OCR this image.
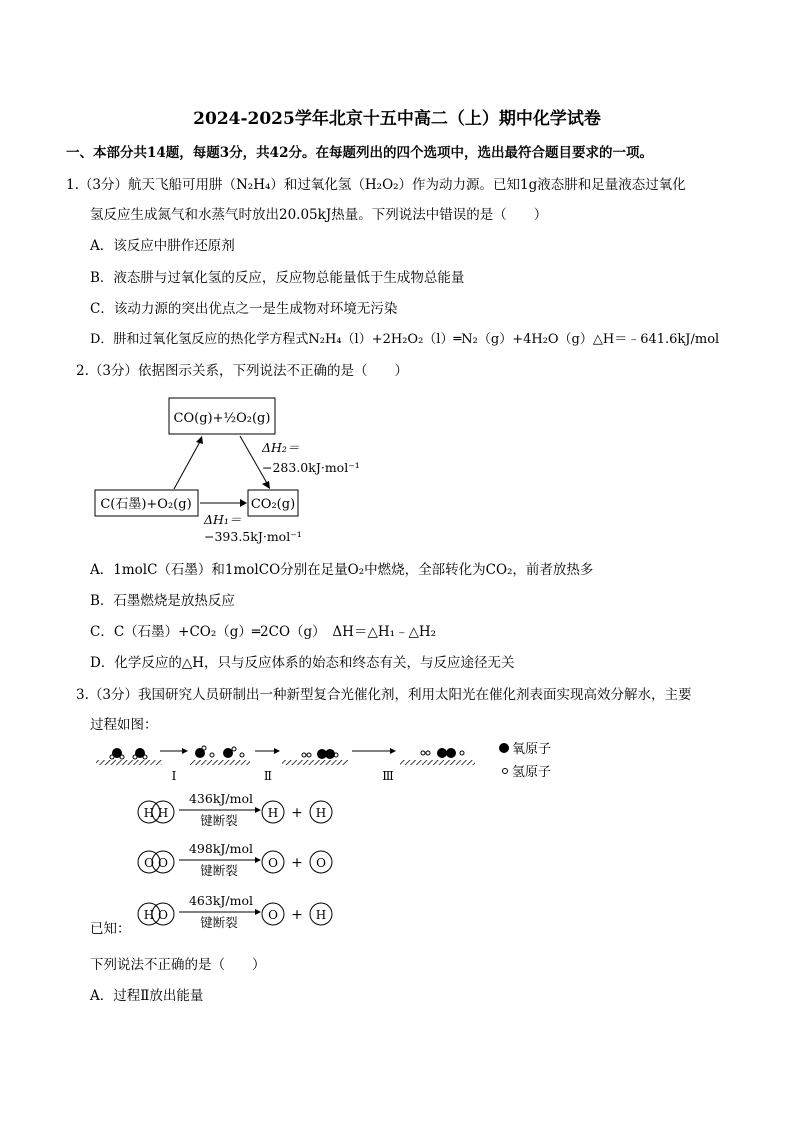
2024-2025学年北京十五中高二（上）期中化学试卷
一、本部分共14题，每题3分，共42分。在每题列出的四个选项中，选出最符合题目要求的一项。
1.（3分）航天飞船可用肼（N₂H₄）和过氧化氢（H₂O₂）作为动力源。已知1g液态肼和足量液态过氧化
氢反应生成氮气和水蒸气时放出20.05kJ热量。下列说法中错误的是（　　）
A．该反应中肼作还原剂
B．液态肼与过氧化氢的反应，反应物总能量低于生成物总能量
C．该动力源的突出优点之一是生成物对环境无污染
D．肼和过氧化氢反应的热化学方程式N₂H₄（l）+2H₂O₂（l）═N₂（g）+4H₂O（g）△H＝﹣641.6kJ/mol
2.（3分）依据图示关系，下列说法不正确的是（　　）
CO(g)+½O₂(g)
C(石墨)+O₂(g)	CO₂(g)
ΔH₂＝
−283.0kJ·mol⁻¹
ΔH₁＝
−393.5kJ·mol⁻¹
A．1molC（石墨）和1molCO分别在足量O₂中燃烧，全部转化为CO₂，前者放热多
B．石墨燃烧是放热反应
C．C（石墨）+CO₂（g）═2CO（g）　ΔH＝△H₁﹣△H₂
D．化学反应的△H，只与反应体系的始态和终态有关，与反应途径无关
3.（3分）我国研究人员研制出一种新型复合光催化剂，利用太阳光在催化剂表面实现高效分解水，主要
过程如图：
Ⅰ	Ⅱ	Ⅲ
氧原子
氢原子
H H
436kJ/mol
键断裂	H + H
O O
498kJ/mol
键断裂	O + O
H O
463kJ/mol
键断裂	O + H
已知：
下列说法不正确的是（　　）
A．过程Ⅱ放出能量
